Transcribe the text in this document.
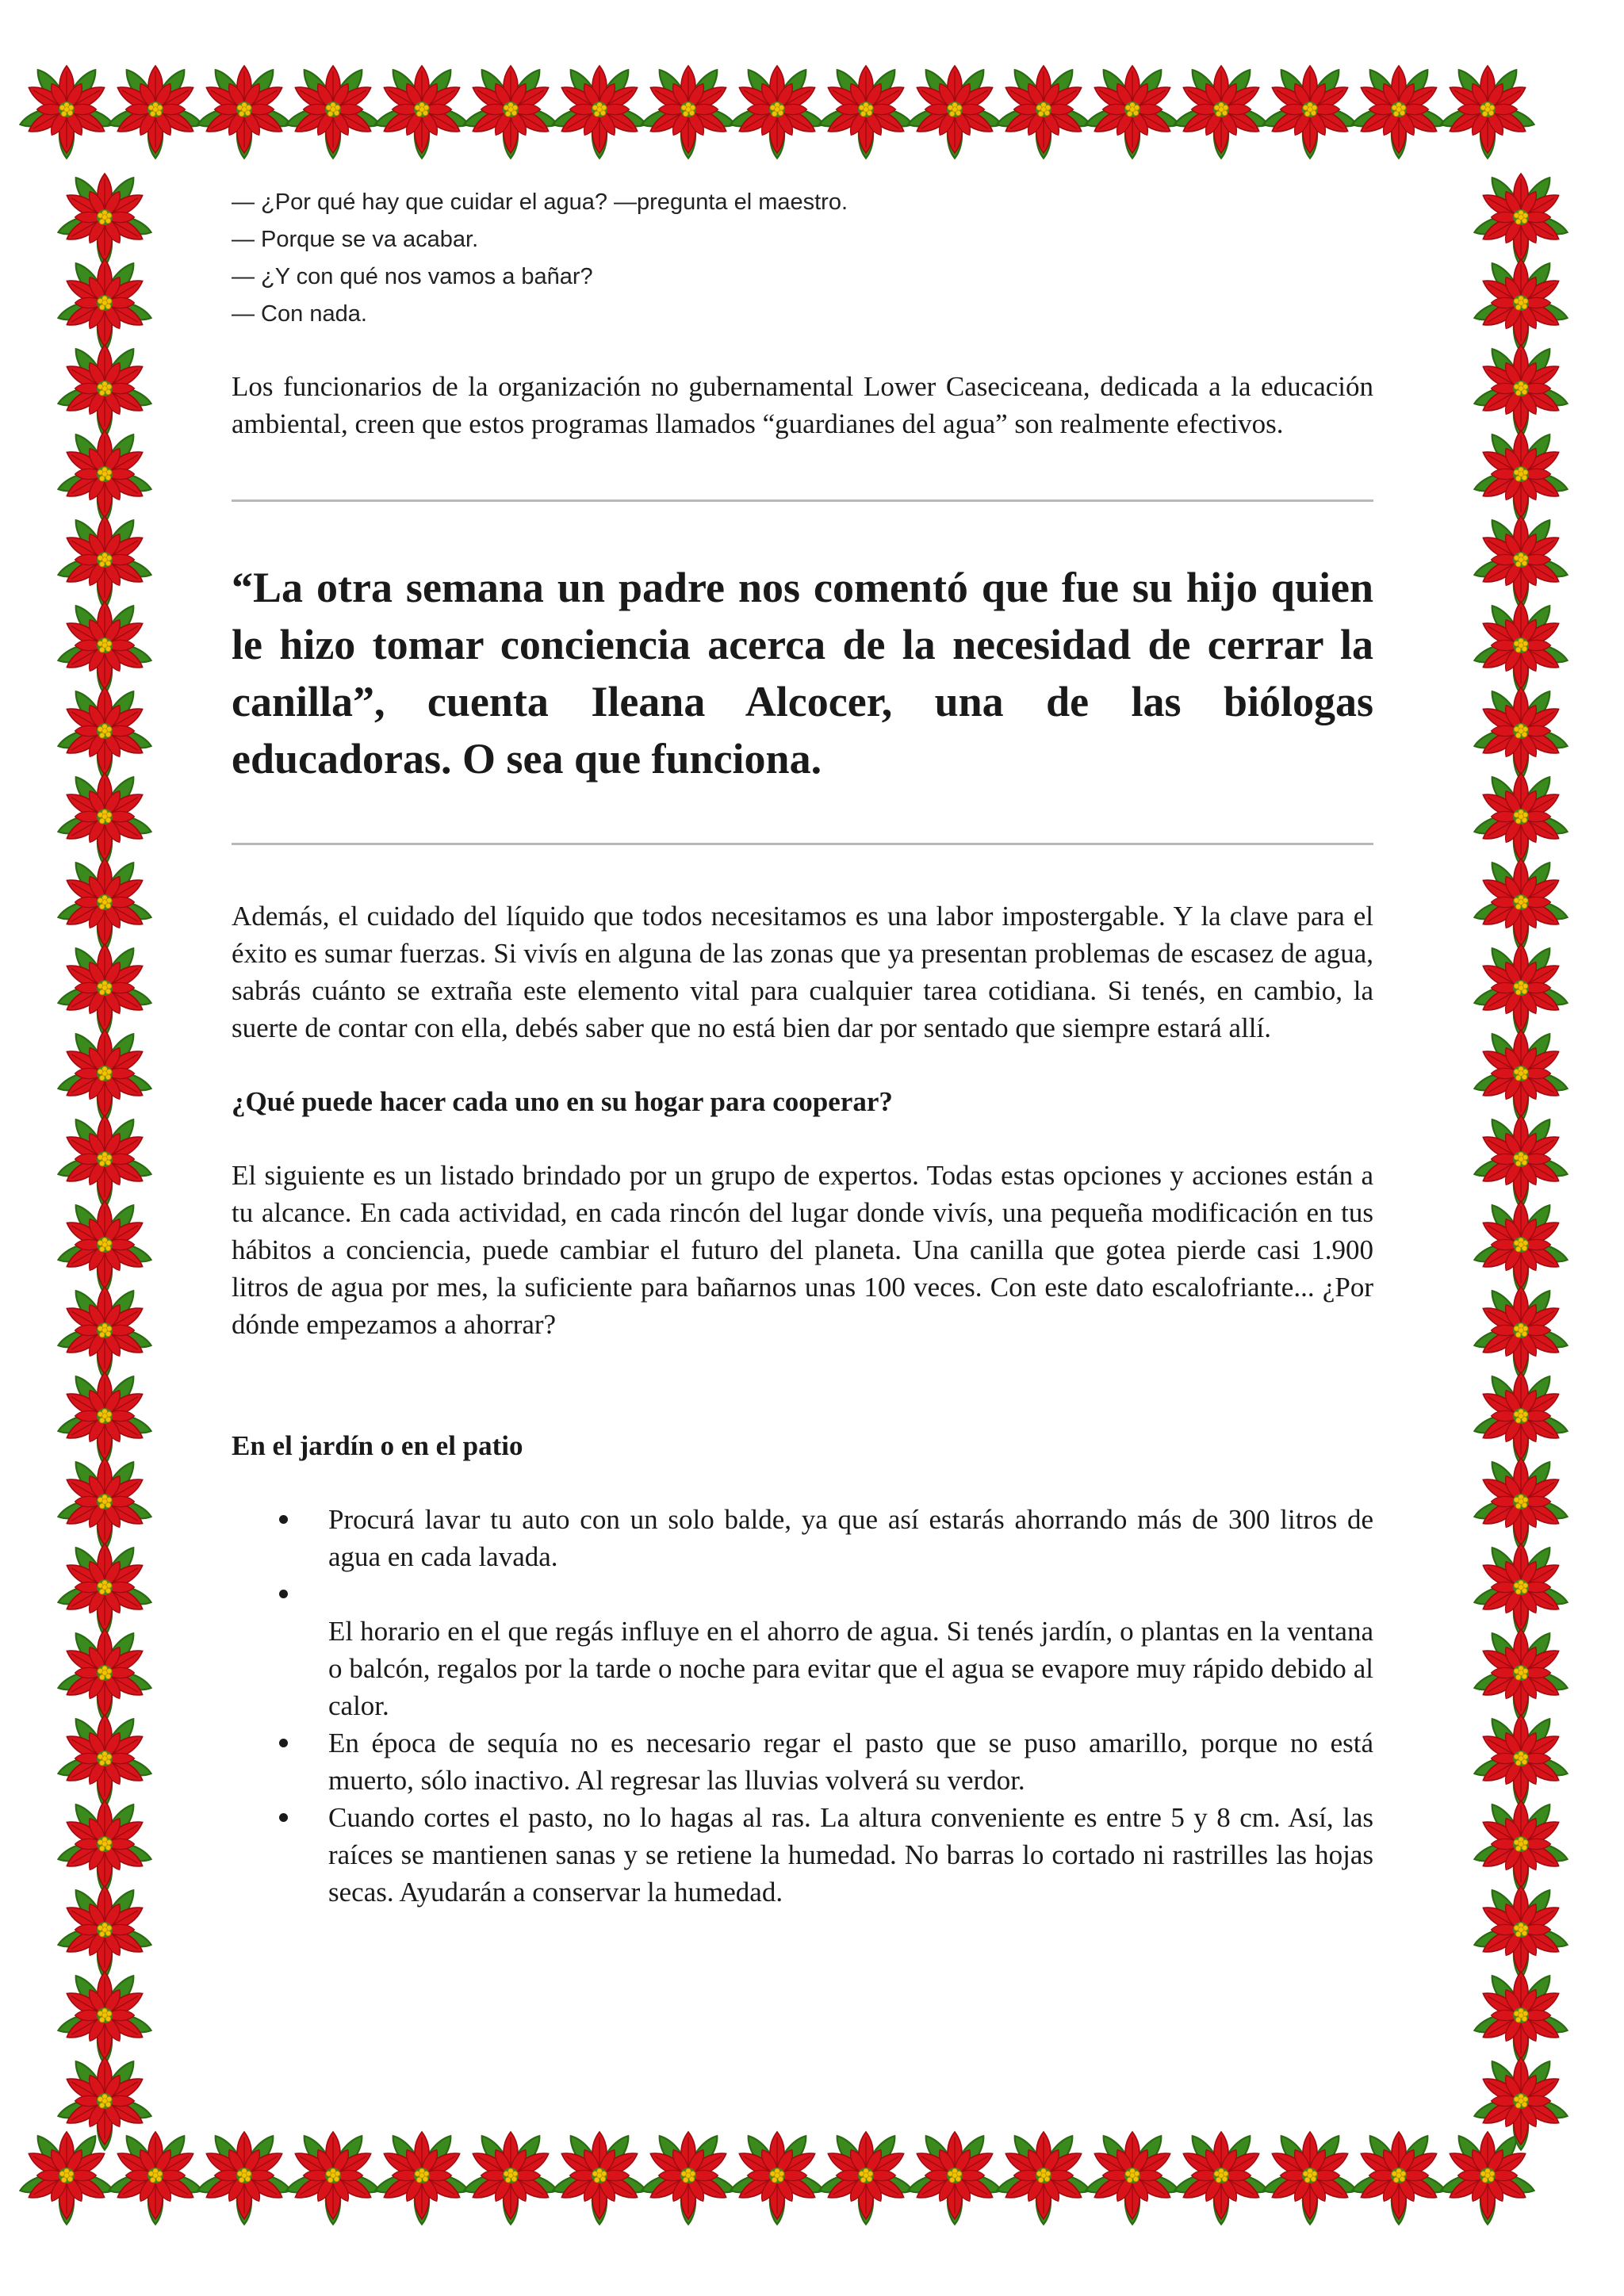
— ¿Por qué hay que cuidar el agua? —pregunta el maestro.

— Porque se va acabar.

— ¿Y con qué nos vamos a bañar?

— Con nada.

Los funcionarios de la organización no gubernamental Lower Caseciceana, dedicada a la educación ambiental, creen que estos programas llamados “guardianes del agua” son realmente efectivos.

“La otra semana un padre nos comentó que fue su hijo quien le hizo tomar conciencia acerca de la necesidad de cerrar la canilla”, cuenta Ileana Alcocer, una de las biólogas educadoras. O sea que funciona.

Además, el cuidado del líquido que todos necesitamos es una labor impostergable. Y la clave para el éxito es sumar fuerzas. Si vivís en alguna de las zonas que ya presentan problemas de escasez de agua, sabrás cuánto se extraña este elemento vital para cualquier tarea cotidiana. Si tenés, en cambio, la suerte de contar con ella, debés saber que no está bien dar por sentado que siempre estará allí.

¿Qué puede hacer cada uno en su hogar para cooperar?

El siguiente es un listado brindado por un grupo de expertos. Todas estas opciones y acciones están a tu alcance. En cada actividad, en cada rincón del lugar donde vivís, una pequeña modificación en tus hábitos a conciencia, puede cambiar el futuro del planeta. Una canilla que gotea pierde casi 1.900 litros de agua por mes, la suficiente para bañarnos unas 100 veces. Con este dato escalofriante... ¿Por dónde empezamos a ahorrar?

En el jardín o en el patio

Procurá lavar tu auto con un solo balde, ya que así estarás ahorrando más de 300 litros de agua en cada lavada.
El horario en el que regás influye en el ahorro de agua. Si tenés jardín, o plantas en la ventana o balcón, regalos por la tarde o noche para evitar que el agua se evapore muy rápido debido al calor.
En época de sequía no es necesario regar el pasto que se puso amarillo, porque no está muerto, sólo inactivo. Al regresar las lluvias volverá su verdor.
Cuando cortes el pasto, no lo hagas al ras. La altura conveniente es entre 5 y 8 cm. Así, las raíces se mantienen sanas y se retiene la humedad. No barras lo cortado ni rastrilles las hojas secas. Ayudarán a conservar la humedad.
